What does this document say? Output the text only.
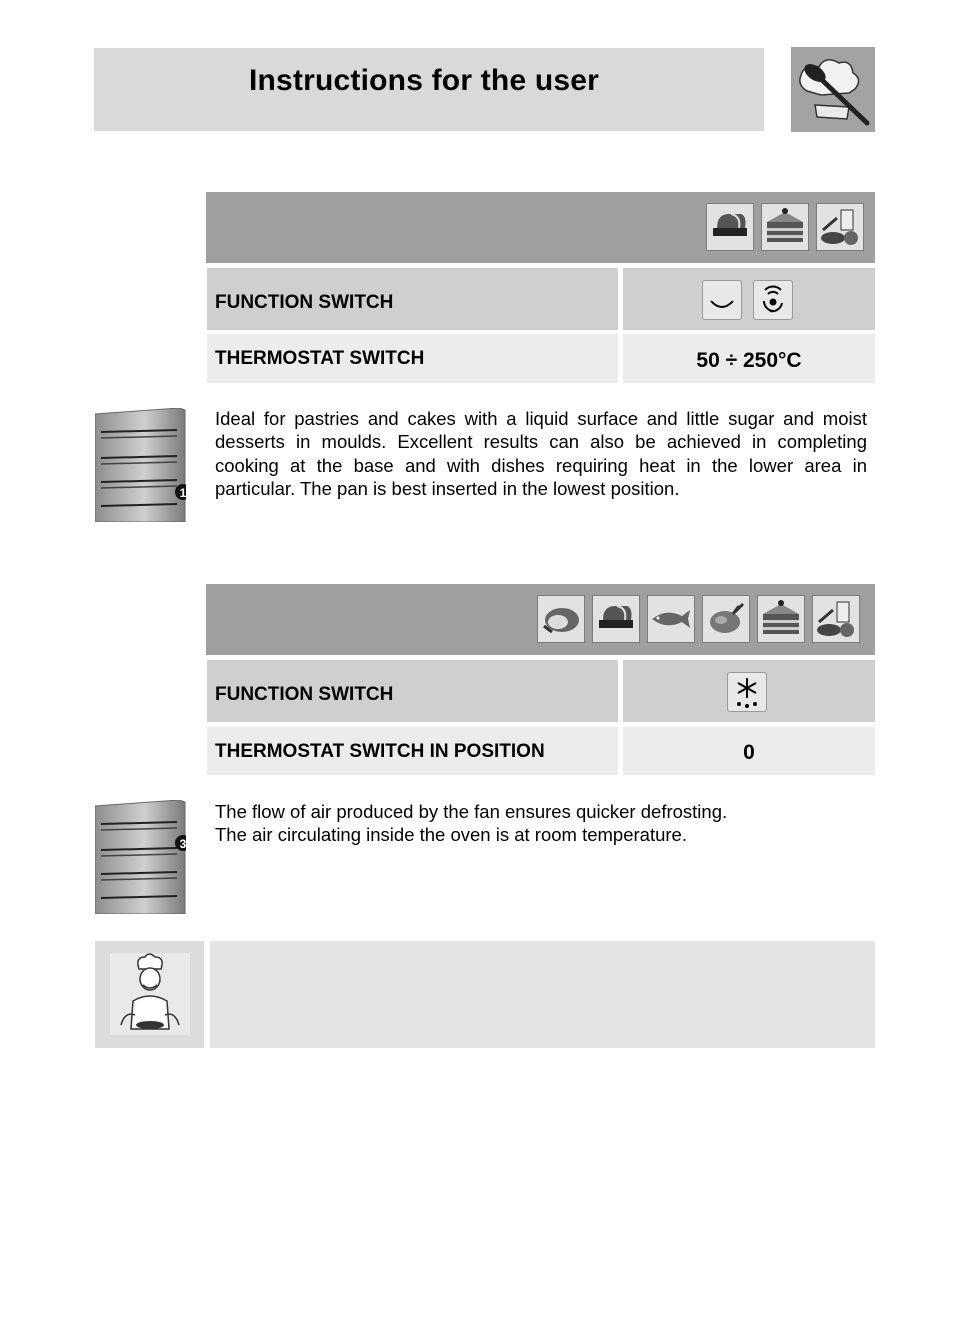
Instructions for the user
FUNCTION SWITCH
THERMOSTAT SWITCH	50 ÷ 250°C
1
Ideal for pastries and cakes with a liquid surface and little sugar and moist desserts in moulds. Excellent results can also be achieved in completing cooking at the base and with dishes requiring heat in the lower area in particular. The pan is best inserted in the lowest position.
FUNCTION SWITCH
THERMOSTAT SWITCH IN POSITION	0
3
The flow of air produced by the fan ensures quicker defrosting.
The air circulating inside the oven is at room temperature.
